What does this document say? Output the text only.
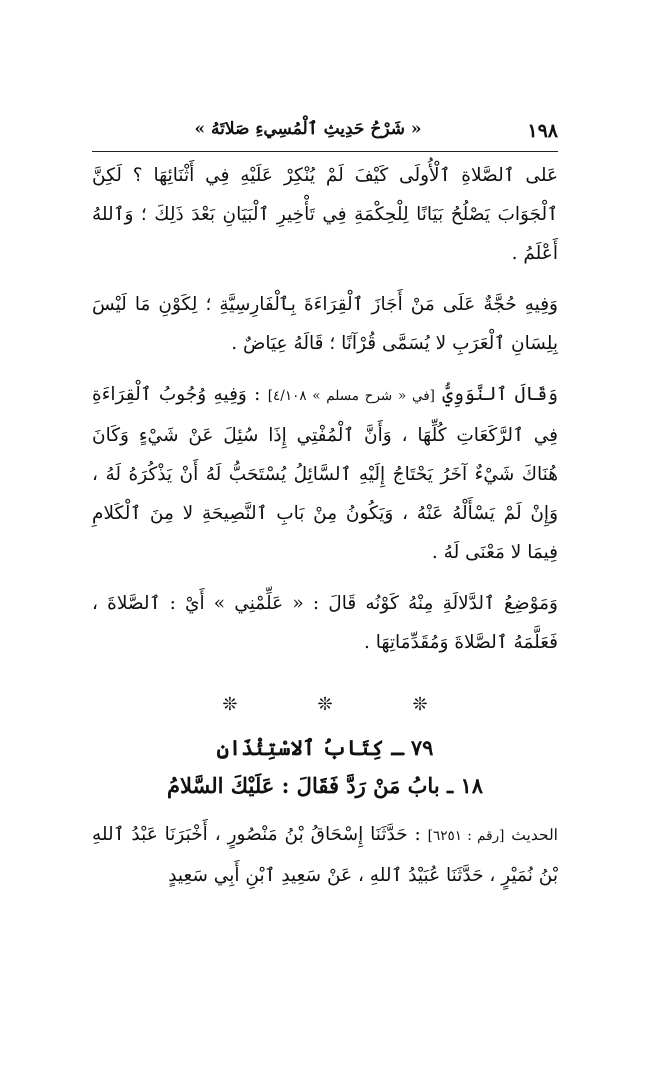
١٩٨
« شَرْحُ حَدِيثِ ٱلْمُسِيءِ صَلاتَهُ »

عَلى ٱلصَّلاةِ ٱلْأُولَى كَيْفَ لَمْ يُنْكِرْ عَلَيْهِ فِي أَثْنَائِهَا ؟ لَكِنَّ ٱلْجَوَابَ يَصْلُحُ بَيَانًا لِلْحِكْمَةِ فِي تَأْخِيرِ ٱلْبَيَانِ بَعْدَ ذَلِكَ ؛ وَٱللهُ أَعْلَمُ .

وَفِيهِ حُجَّةٌ عَلَى مَنْ أَجَازَ ٱلْقِرَاءَةَ بِٱلْفَارِسِيَّةِ ؛ لِكَوْنِ مَا لَيْسَ بِلِسَانِ ٱلْعَرَبِ لا يُسَمَّى قُرْآنًا ؛ قَالَهُ عِيَاضٌ .

وَقَالَ ٱلنَّوَوِيُّ [في « شرح مسلم » ٤/١٠٨] : وَفِيهِ وُجُوبُ ٱلْقِرَاءَةِ فِي ٱلرَّكَعَاتِ كُلِّهَا ، وَأَنَّ ٱلْمُفْتِي إِذَا سُئِلَ عَنْ شَيْءٍ وَكَانَ هُنَاكَ شَيْءٌ آخَرُ يَحْتَاجُ إِلَيْهِ ٱلسَّائِلُ يُسْتَحَبُّ لَهُ أَنْ يَذْكُرَهُ لَهُ ، وَإِنْ لَمْ يَسْأَلْهُ عَنْهُ ، وَيَكُونُ مِنْ بَابِ ٱلنَّصِيحَةِ لا مِنَ ٱلْكَلامِ فِيمَا لا مَعْنَى لَهُ .

وَمَوْضِعُ ٱلدَّلالَةِ مِنْهُ كَوْنُه قَالَ : « عَلِّمْنِي » أَيْ : ٱلصَّلاةَ ، فَعَلَّمَهُ ٱلصَّلاةَ وَمُقَدِّمَاتِهَا .

❊
❊
❊
٧٩ ـ كِتَابُ ٱلاسْتِئْذَانِ
١٨ ـ بابُ مَنْ رَدَّ فَقَالَ : عَلَيْكَ السَّلامُ

الحديث [رقم : ٦٢٥١] : حَدَّثَنَا إِسْحَاقُ بْنُ مَنْصُورٍ ، أَخْبَرَنَا عَبْدُ ٱللهِ بْنُ نُمَيْرٍ ، حَدَّثَنَا عُبَيْدُ ٱللهِ ، عَنْ سَعِيدِ ٱبْنِ أَبِي سَعِيدٍ
